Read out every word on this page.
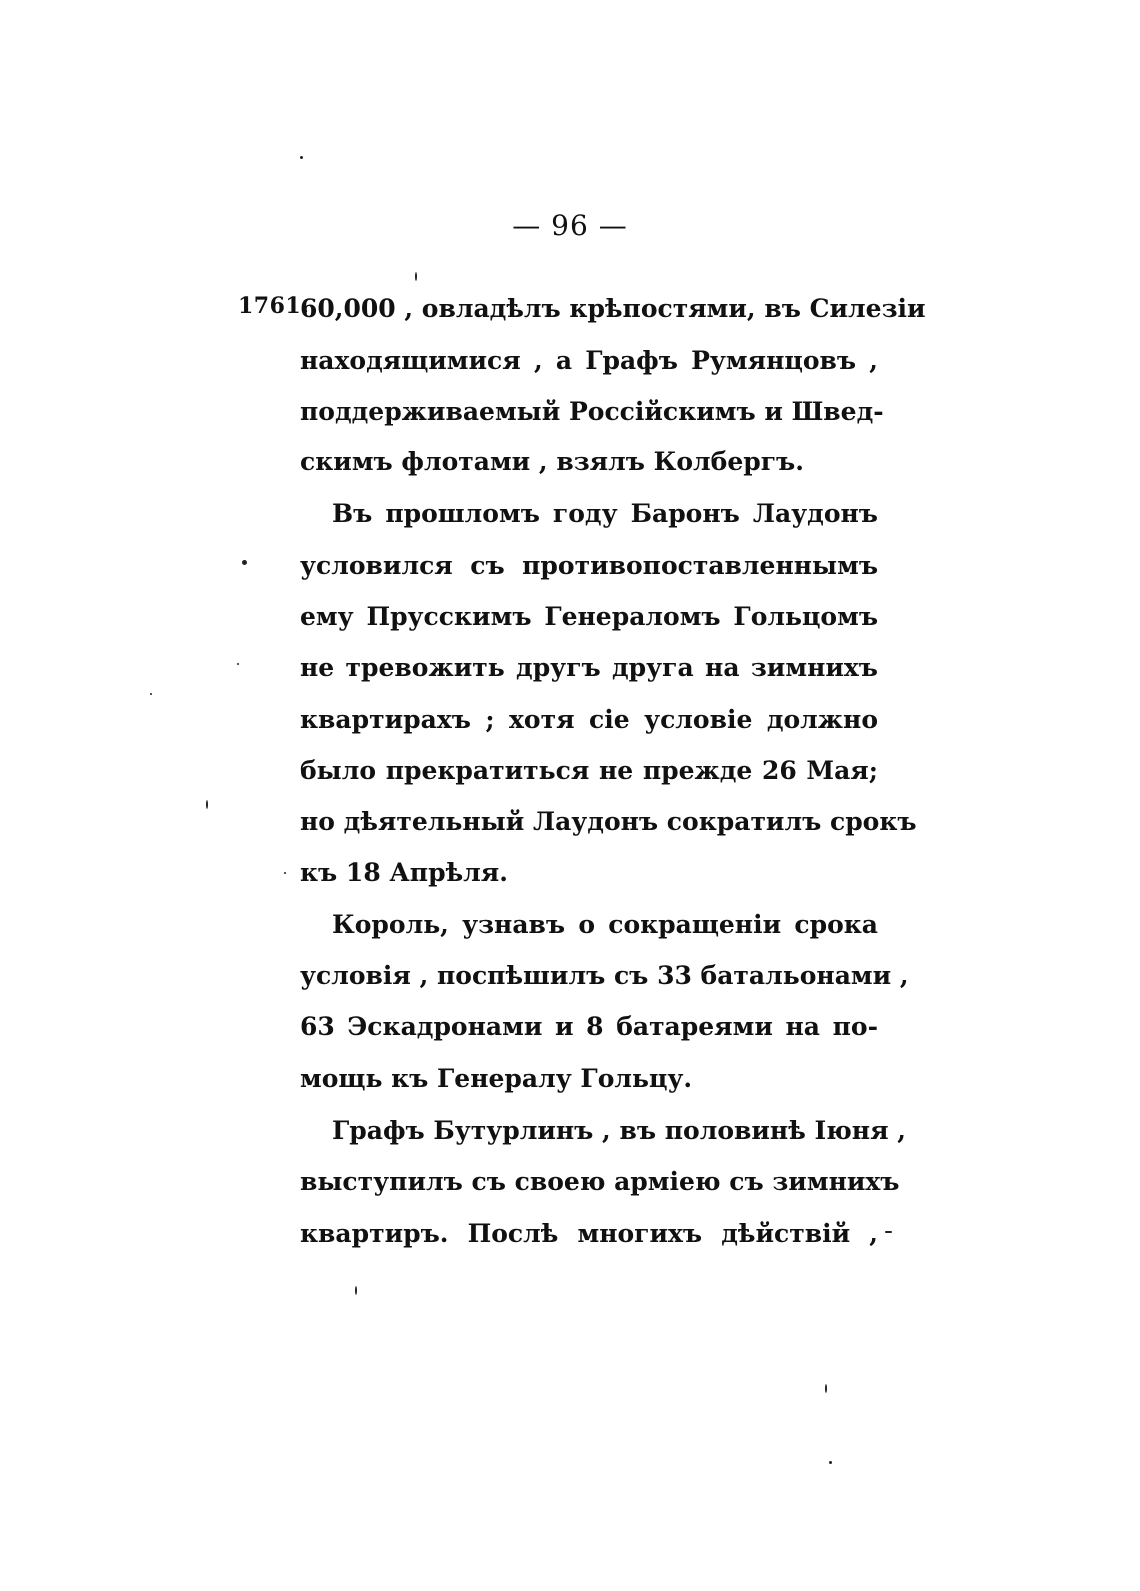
— 96 —
1761.
60,000 , овладѣлъ крѣпостями, въ Силезіи
находящимися , а Графъ Румянцовъ ,
поддерживаемый Россійскимъ и Швед-
скимъ флотами , взялъ Колбергъ.
Въ прошломъ году Баронъ Лаудонъ
условился съ противопоставленнымъ
ему Прусскимъ Генераломъ Гольцомъ
не тревожить другъ друга на зимнихъ
квартирахъ ; хотя сіе условіе должно
было прекратиться не прежде 26 Мая;
но дѣятельный Лаудонъ сократилъ срокъ
къ 18 Апрѣля.
Король, узнавъ о сокращеніи срока
условія , поспѣшилъ съ 33 батальонами ,
63 Эскадронами и 8 батареями на по-
мощь къ Генералу Гольцу.
Графъ Бутурлинъ , въ половинѣ Іюня ,
выступилъ съ своею арміею съ зимнихъ
квартиръ. Послѣ многихъ дѣйствій ,
